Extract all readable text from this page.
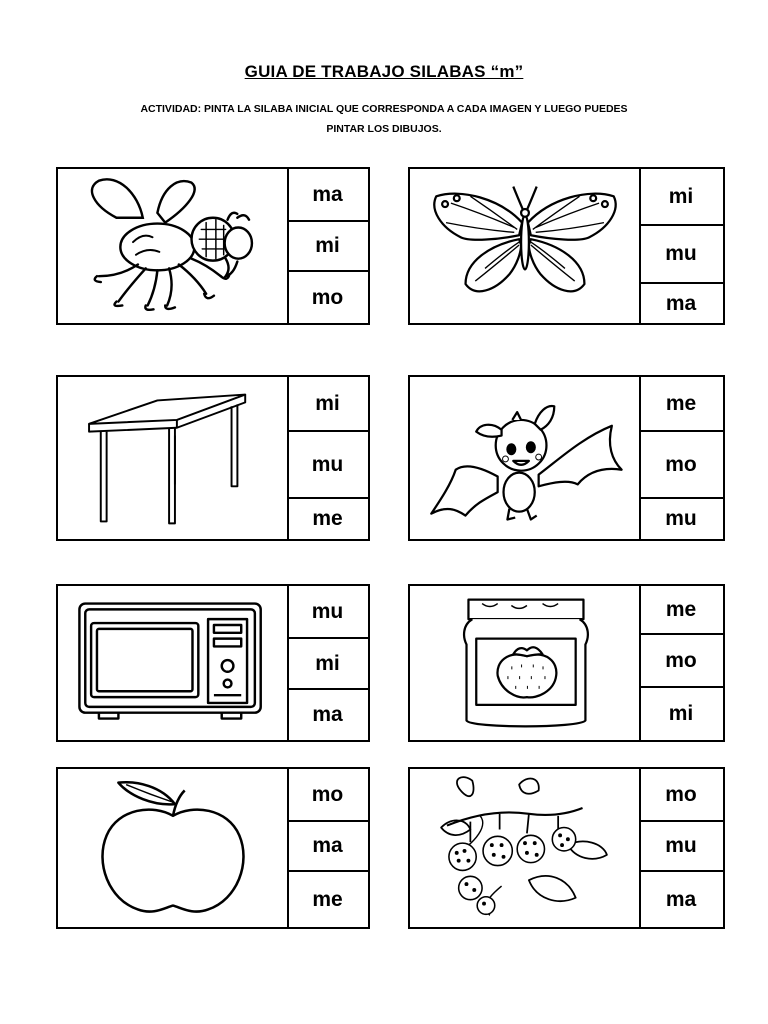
GUIA DE TRABAJO SILABAS “m”
ACTIVIDAD: PINTA LA SILABA INICIAL QUE CORRESPONDA A CADA IMAGEN Y LUEGO PUEDES
PINTAR LOS DIBUJOS.
ma
mi
mo
mi
mu
ma
mi
mu
me
me
mo
mu
mu
mi
ma
me
mo
mi
mo
ma
me
mo
mu
ma
